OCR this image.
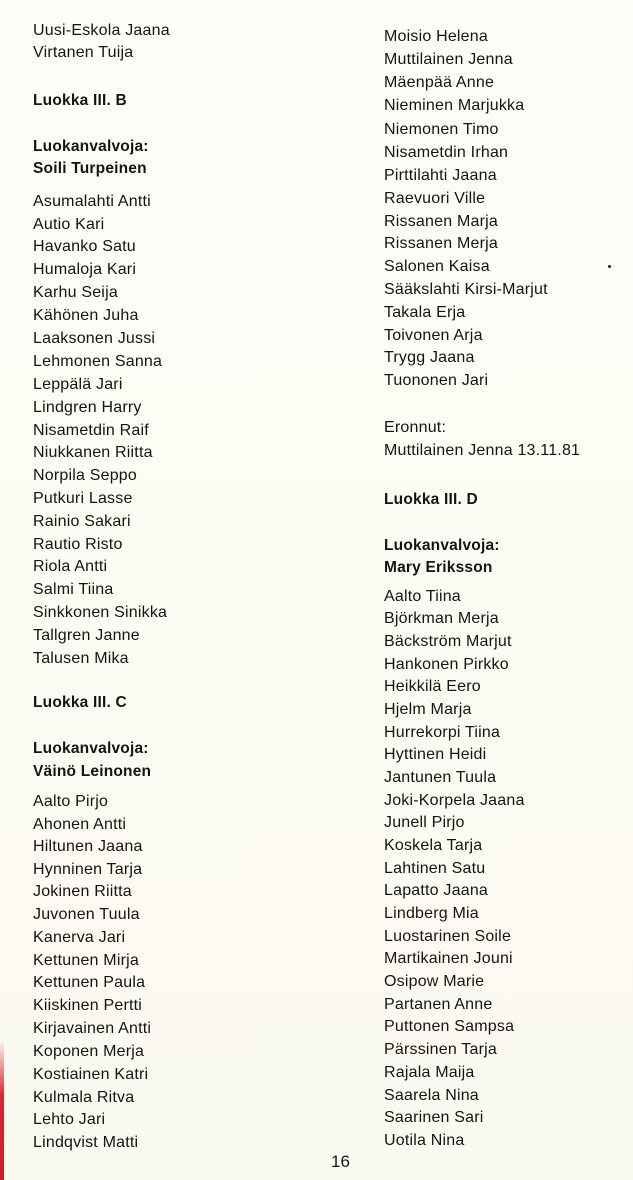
Uusi-Eskola Jaana
Virtanen Tuija
Luokka III. B
Luokanvalvoja:
Soili Turpeinen
Asumalahti Antti
Autio Kari
Havanko Satu
Humaloja Kari
Karhu Seija
Kähönen Juha
Laaksonen Jussi
Lehmonen Sanna
Leppälä Jari
Lindgren Harry
Nisametdin Raif
Niukkanen Riitta
Norpila Seppo
Putkuri Lasse
Rainio Sakari
Rautio Risto
Riola Antti
Salmi Tiina
Sinkkonen Sinikka
Tallgren Janne
Talusen Mika
Luokka III. C
Luokanvalvoja:
Väinö Leinonen
Aalto Pirjo
Ahonen Antti
Hiltunen Jaana
Hynninen Tarja
Jokinen Riitta
Juvonen Tuula
Kanerva Jari
Kettunen Mirja
Kettunen Paula
Kiiskinen Pertti
Kirjavainen Antti
Koponen Merja
Kostiainen Katri
Kulmala Ritva
Lehto Jari
Lindqvist Matti
Moisio Helena
Muttilainen Jenna
Mäenpää Anne
Nieminen Marjukka
Niemonen Timo
Nisametdin Irhan
Pirttilahti Jaana
Raevuori Ville
Rissanen Marja
Rissanen Merja
Salonen Kaisa
Sääkslahti Kirsi-Marjut
Takala Erja
Toivonen Arja
Trygg Jaana
Tuononen Jari
Eronnut:
Muttilainen Jenna 13.11.81
Luokka III. D
Luokanvalvoja:
Mary Eriksson
Aalto Tiina
Björkman Merja
Bäckström Marjut
Hankonen Pirkko
Heikkilä Eero
Hjelm Marja
Hurrekorpi Tiina
Hyttinen Heidi
Jantunen Tuula
Joki-Korpela Jaana
Junell Pirjo
Koskela Tarja
Lahtinen Satu
Lapatto Jaana
Lindberg Mia
Luostarinen Soile
Martikainen Jouni
Osipow Marie
Partanen Anne
Puttonen Sampsa
Pärssinen Tarja
Rajala Maija
Saarela Nina
Saarinen Sari
Uotila Nina
16
